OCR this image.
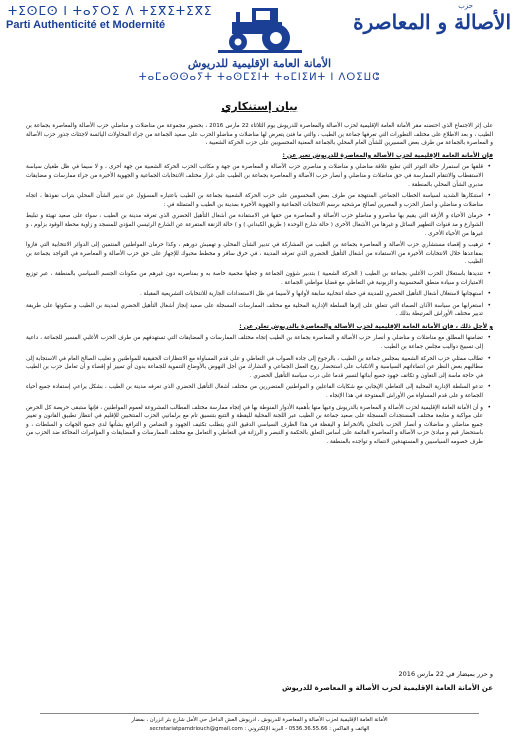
ⵜⵉⵙⵎⵙ ⵏ ⵜⴰⵢⵔⵉ ⴷ ⵜⵉⴳⵉⵜⵉⴳⵉ
Parti Authenticité et Modernité
حزب
الأصالة و المعاصرة
الأمانة العامة الإقليمية للدريوش
ⵜⴰⵎⴰⵙⵙⴰⵢⵜ ⵜⴰⵙⵎⵉⵏⵜ ⵜⴰⵎⵏⵉⵍⵜ ⵏ ⴷⵔⵉⵡⵛ
بيان إستنكاري

على إثر الاجتماع الذي احتضنه مقر الأمانة العامة الإقليمية لحزب الأصالة والمعاصرة للدريوش يوم الثلاثاء 22 مارس 2016 ، بحضور مجموعة من مناضلات و مناضلي حزب الأصالة والمعاصرة بجماعة بن الطيب ، و بعد الاطلاع على مختلف التطورات التي تعرفها جماعة بن الطيب ، والتي ما فتئ يتعرض لها مناضلات و مناضلو الحزب على صعيد الجماعة من جراء المحاولات اليائسة لاجتثاث جذور حزب الأصالة و المعاصرة بالجماعة من طرف بعض المسيرين للشأن العام المحلي بالجماعة المعنية المحسوبين على حزب الحركة الشعبية ،

فإن الأمانة العامة الإقليمية لحزب الأصالة والمعاصرة للدريوش تعبر عن :
• قلقها من استمرار حالة التوتر التي تطبع علاقة مناضلي و مناضلات و مناصري حزب الأصالة و المعاصرة من جهة و مكاتب الحزب الحركة الشعبية من جهة أخرى ، و لا سيما في ظل طغيان سياسة الاستقطاب والانتقام الممارسة في حق مناضلات و مناضلي و أنصار حزب الأصالة و المعاصرة بجماعة بن الطيب على غرار مختلف الانتخابات الجماعية و الجهوية الأخيرة من جراء ممارسات و مضايقات مدبري الشأن المحلي بالمنطقة .
• استنكارها الشديد لسياسة الخطاب الجماعي المنتهجة من طرف بعض المحسوبين على حزب الحركة الشعبية بجماعة بن الطيب باعتباره المسؤول عن تدبير الشأن المحلي بتراب نفوذها ، اتجاه مناضلات و مناضلي و أنصار الحزب و المعبرين لصالح مرشحيه برسم الانتخابات الجماعية و الجهوية الأخيرة بمدينة بن الطيب و المتمثلة في :
• حرمان الأحياء و الأزقة التي يقيم بها مناصرو و مناضلو حزب الأصالة و المعاصرة من حقها في الاستفادة من أشغال التأهيل الحضري الذي تعرفه مدينة بن الطيب ، سواء على صعيد تهيئة و تبليط الشوارع و مد قنوات التطهير السائل و غيرها من الأشغال الأخرى ( حالة شارع الوحدة ( طريق الكبداني ) و ) حالة الزنقة المتفرعة عن الشارع الرئيسي المؤدي للمسجد و زاوية محطة الوقود بزلوم ، و غيرها من الأحياء الأخرى .
• ترهيب و إقصاء مستشاري حزب الأصالة و المعاصرة بجماعة بن الطيب من المشاركة في تدبير الشأن المحلي و تهميش دورهم ، وكذا حرمان المواطنين المنتمين إلى الدوائر الانتخابية التي فازوا بمقاعدها خلال الانتخابات الأخيرة من الاستفادة من أشغال التأهيل الحضري الذي تعرفه المدينة ، في خرق سافر و مخطط محبوك للإجهاز على حق حزب الأصالة و المعاصرة في التواجد بجماعة بن الطيب .
• تنديدها باستغلال الحزب الأغلبي بجماعة بن الطيب ( الحركة الشعبية ) بتدبير شؤون الجماعة و جعلها محمية خاصة به و بمناصريه دون غيرهم من مكونات الجسم السياسي بالمنطقة ، عبر توزيع الامتيازات و سيادة منطق المحسوبية و الزبونية في التعاطي مع قضايا مواطني الجماعة .
• استهجانها لاستغلال أشغال التأهيل الحضري للمدينة في حملة انتخابية سابقة لأوانها و لأسيما في ظل الاستعدادات الجارية للانتخابات التشريعية المقبلة .
• استغرابها من سياسة الآذان الصماء التي تتعلق على إثرها السلطة الإدارية المحلية مع مختلف الممارسات المسجلة على صعيد إنجاز أشغال التأهيل الحضري لمدينة بن الطيب و سكوتها على طريقة تدبير مختلف الأوراش المرتبطة بذلك .
و لأجل ذلك ، فإن الأمانة العامة الإقليمية لحزب الأصالة والمعاصرة بالدريوش تعلن عن :
• تضامنها المطلق مع مناضلات و مناضلي و أنصار حزب الأصالة و المعاصرة بجماعة بن الطيب إتجاه مختلف الممارسات و المضايقات التي تستهدفهم من طرف الحزب الأغلبي المسير للجماعة ، داعية إلى تسييج دواليب مجلس جماعة بن الطيب .
• تطالب ممثلي حزب الحركة الشعبية بمجلس جماعة بن الطيب ، بالرجوع إلى جادة الصواب في التعاطي و على قدم المساواة مع الانتظارات الحقيقية للمواطنين و تغليب الصالح العام في الاستجابة إلى مطالبهم بغض النظر عن انتماءاتهم السياسية و الانكباب على استحضار روح العمل الجماعي و التشارك من أجل النهوض بالأوضاع التنموية للجماعة بدون أي تمييز أو إقصاء و أن تعامل حزب بن الطيب في حاجة ماسة إلى التعاون و تكاتف جهود جميع أبنائها لتسير قدما على درب سياسة التأهيل الحضري .
• تدعو السلطة الإدارية المحلية إلى التعاطي الإيجابي مع شكايات الفاعلين و المواطنين المتضررين من مختلف أشغال التأهيل الحضري الذي تعرفه مدينة بن الطيب ، بشكل يراعي إستفادة جميع أحياء الجماعة و على قدم المساواة من الأوراش المفتوحة في هذا الإتجاه .
• و أن الأمانة العامة الإقليمية لحزب الأصالة و المعاصرة بالدريوش وعيها منها بأهمية الأدوار المنوطة بها في إتجاه ممارسة مختلف المطالب المشروعة لعموم المواطنين ، فإنها ستبقى حريصة كل الحرص على مواكبة و متابعة مختلف المستجدات المسجلة على صعيد جماعة بن الطيب عبر اللجنة المحلية لليقظة و التتبع بتنسيق تام مع برلمانيي الحزب المنتخبين للإقليم في انتظار تطبيق القانون و تغيير جميع مناضلي و مناضلات و أنصار الحزب بالتحلي بالانخراط و اليقظة في هذا الظرف السياسي الدقيق الذي يتطلب تكثيف الجهود و التضامن و الترافع بشأنها لدى جميع الجهات و السلطات ، و باستحضار قيم و مبادئ حزب الأصالة و المعاصرة القائمة على أساس التعلق بالحكمة و التبصر و الرزانة في التعاطي و التعامل مع مختلف الممارسات و المضايقات و المؤامرات المحاكة ضد الحزب من طرف خصومه السياسيين و المستهدفين لانتمائه و تواجده بالمنطقة .
و حرر بميضار في 22 مارس 2016
عن الأمانة العامة الإقليمية لحزب الأصالة و المعاصرة للدريوش
الأمانة العامة الإقليمية لحزب الأصالة و المعاصرة للدريوش ، ادريوش العش الداخل حي الأمل شارع بئر انزران ، بمضار
الهاتف و الفاكس : 0536.36.55.66 - البريد الإلكتروني : secretariatpamdriouch@gmail.com
